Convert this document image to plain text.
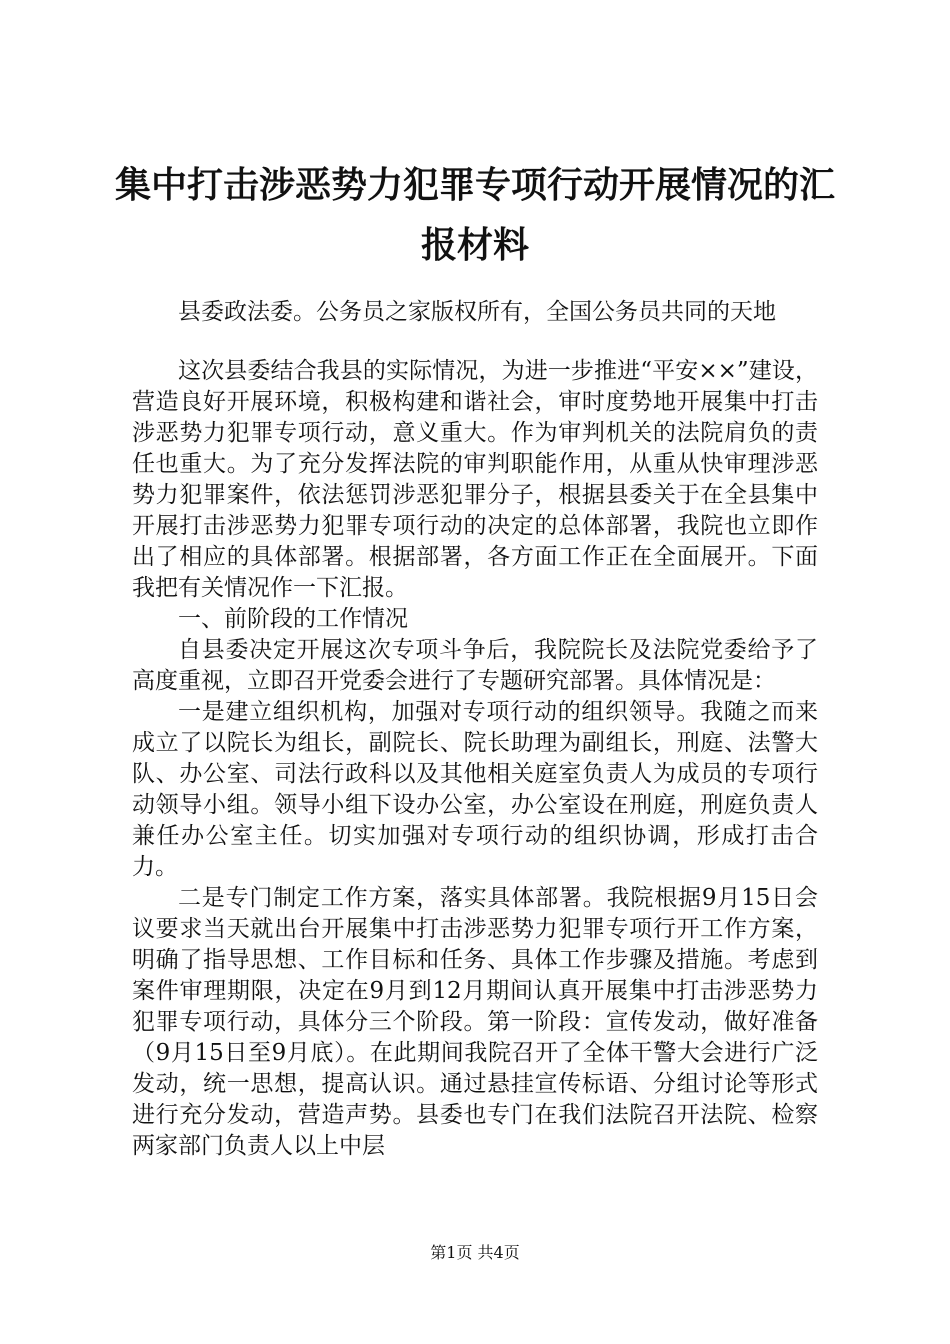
集中打击涉恶势力犯罪专项行动开展情况的汇
报材料

县委政法委。公务员之家版权所有，全国公务员共同的天地

这次县委结合我县的实际情况，为进一步推进“平安××”建设，营造良好开展环境，积极构建和谐社会，审时度势地开展集中打击涉恶势力犯罪专项行动，意义重大。作为审判机关的法院肩负的责任也重大。为了充分发挥法院的审判职能作用，从重从快审理涉恶势力犯罪案件，依法惩罚涉恶犯罪分子，根据县委关于在全县集中开展打击涉恶势力犯罪专项行动的决定的总体部署，我院也立即作出了相应的具体部署。根据部署，各方面工作正在全面展开。下面我把有关情况作一下汇报。

一、前阶段的工作情况

自县委决定开展这次专项斗争后，我院院长及法院党委给予了高度重视，立即召开党委会进行了专题研究部署。具体情况是：

一是建立组织机构，加强对专项行动的组织领导。我随之而来成立了以院长为组长，副院长、院长助理为副组长，刑庭、法警大队、办公室、司法行政科以及其他相关庭室负责人为成员的专项行动领导小组。领导小组下设办公室，办公室设在刑庭，刑庭负责人兼任办公室主任。切实加强对专项行动的组织协调，形成打击合力。

二是专门制定工作方案，落实具体部署。我院根据9月15日会议要求当天就出台开展集中打击涉恶势力犯罪专项行开工作方案，明确了指导思想、工作目标和任务、具体工作步骤及措施。考虑到案件审理期限，决定在9月到12月期间认真开展集中打击涉恶势力犯罪专项行动，具体分三个阶段。第一阶段：宣传发动，做好准备（9月15日至9月底）。在此期间我院召开了全体干警大会进行广泛发动，统一思想，提高认识。通过悬挂宣传标语、分组讨论等形式进行充分发动，营造声势。县委也专门在我们法院召开法院、检察两家部门负责人以上中层

第1页 共4页
